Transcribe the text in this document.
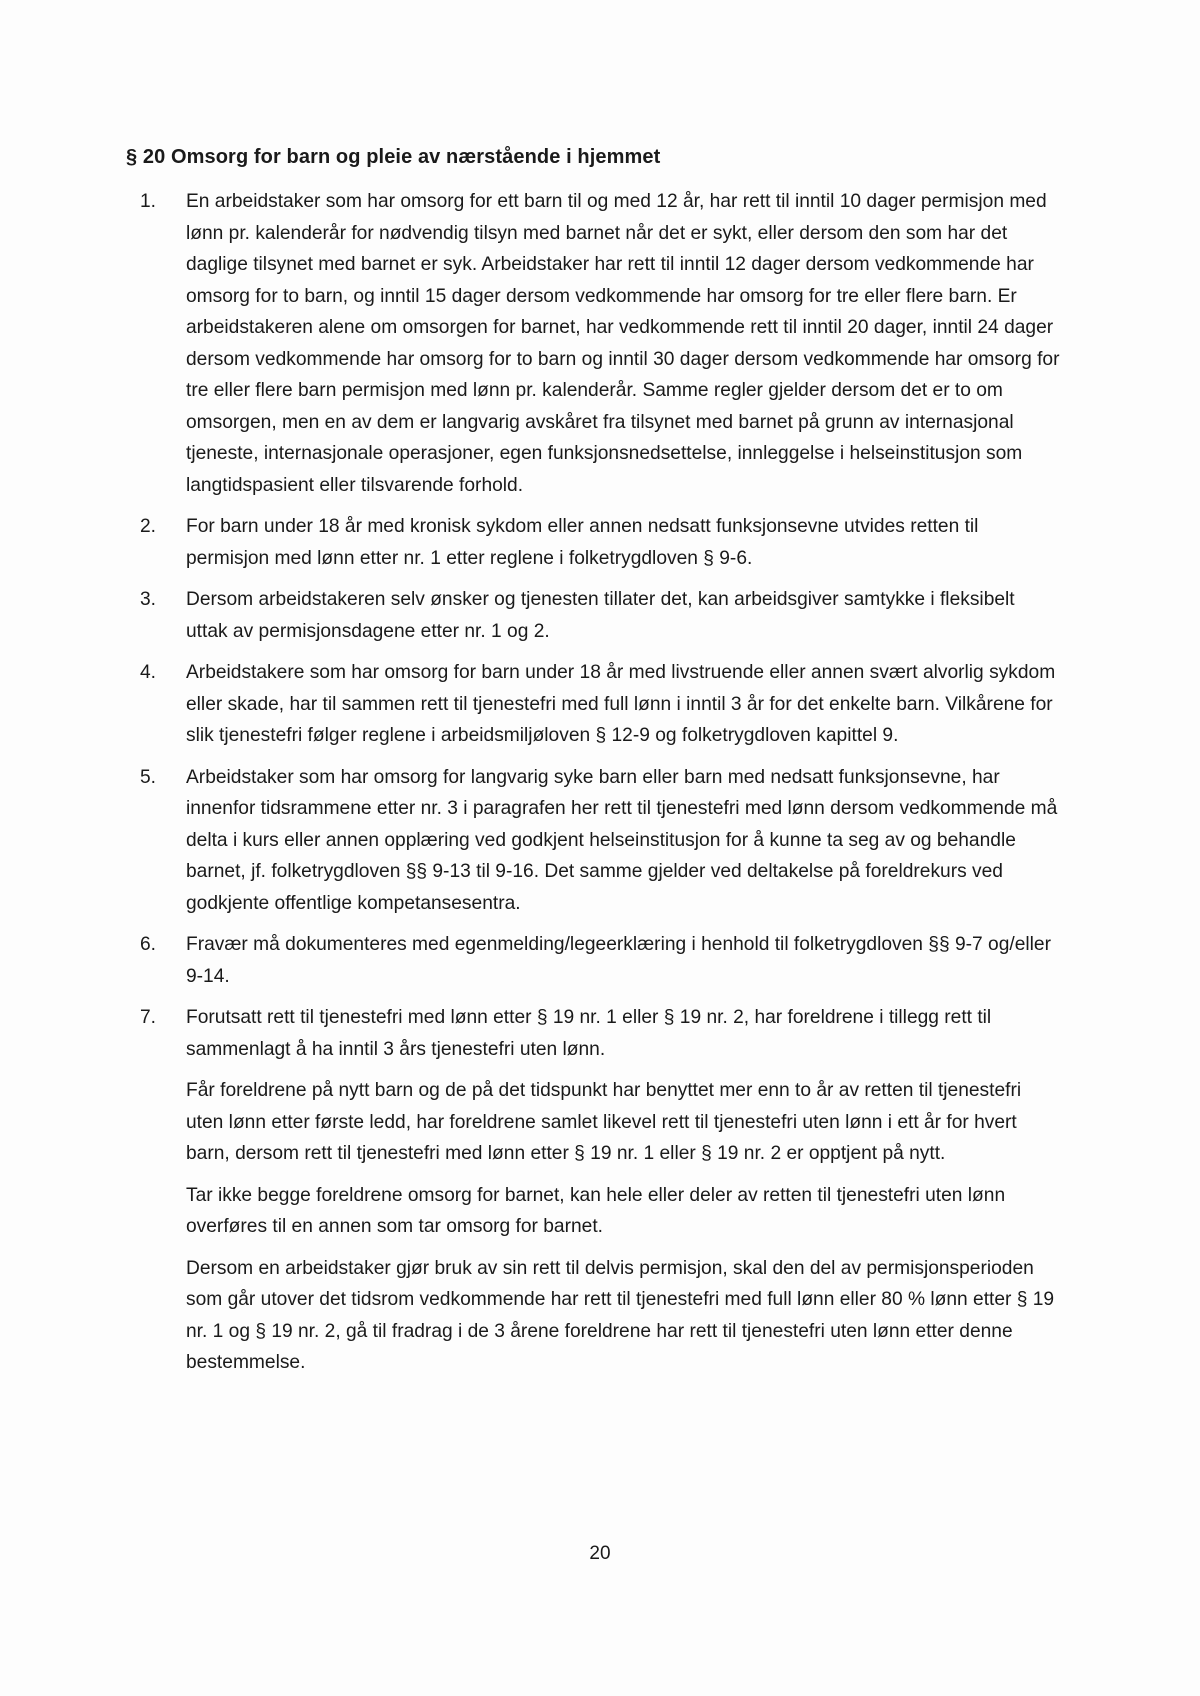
§ 20 Omsorg for barn og pleie av nærstående i hjemmet
1.	En arbeidstaker som har omsorg for ett barn til og med 12 år, har rett til inntil 10 dager permisjon med lønn pr. kalenderår for nødvendig tilsyn med barnet når det er sykt, eller dersom den som har det daglige tilsynet med barnet er syk. Arbeidstaker har rett til inntil 12 dager dersom vedkommende har omsorg for to barn, og inntil 15 dager dersom vedkommende har omsorg for tre eller flere barn. Er arbeidstakeren alene om omsorgen for barnet, har vedkommende rett til inntil 20 dager, inntil 24 dager dersom vedkommende har omsorg for to barn og inntil 30 dager dersom vedkommende har omsorg for tre eller flere barn permisjon med lønn pr. kalenderår. Samme regler gjelder dersom det er to om omsorgen, men en av dem er langvarig avskåret fra tilsynet med barnet på grunn av internasjonal tjeneste, internasjonale operasjoner, egen funksjonsnedsettelse, innleggelse i helseinstitusjon som langtidspasient eller tilsvarende forhold.
2.	For barn under 18 år med kronisk sykdom eller annen nedsatt funksjonsevne utvides retten til permisjon med lønn etter nr. 1 etter reglene i folketrygdloven § 9-6.
3.	Dersom arbeidstakeren selv ønsker og tjenesten tillater det, kan arbeidsgiver samtykke i fleksibelt uttak av permisjonsdagene etter nr. 1 og 2.
4.	Arbeidstakere som har omsorg for barn under 18 år med livstruende eller annen svært alvorlig sykdom eller skade, har til sammen rett til tjenestefri med full lønn i inntil 3 år for det enkelte barn. Vilkårene for slik tjenestefri følger reglene i arbeidsmiljøloven § 12-9 og folketrygdloven kapittel 9.
5.	Arbeidstaker som har omsorg for langvarig syke barn eller barn med nedsatt funksjonsevne, har innenfor tidsrammene etter nr. 3 i paragrafen her rett til tjenestefri med lønn dersom vedkommende må delta i kurs eller annen opplæring ved godkjent helseinstitusjon for å kunne ta seg av og behandle barnet, jf. folketrygdloven §§ 9-13 til 9-16. Det samme gjelder ved deltakelse på foreldrekurs ved godkjente offentlige kompetansesentra.
6.	Fravær må dokumenteres med egenmelding/legeerklæring i henhold til folketrygdloven §§ 9-7 og/eller 9-14.
7.	Forutsatt rett til tjenestefri med lønn etter § 19 nr. 1 eller § 19 nr. 2, har foreldrene i tillegg rett til sammenlagt å ha inntil 3 års tjenestefri uten lønn.
Får foreldrene på nytt barn og de på det tidspunkt har benyttet mer enn to år av retten til tjenestefri uten lønn etter første ledd, har foreldrene samlet likevel rett til tjenestefri uten lønn i ett år for hvert barn, dersom rett til tjenestefri med lønn etter § 19 nr. 1 eller § 19 nr. 2 er opptjent på nytt.
Tar ikke begge foreldrene omsorg for barnet, kan hele eller deler av retten til tjenestefri uten lønn overføres til en annen som tar omsorg for barnet.
Dersom en arbeidstaker gjør bruk av sin rett til delvis permisjon, skal den del av permisjonsperioden som går utover det tidsrom vedkommende har rett til tjenestefri med full lønn eller 80 % lønn etter § 19 nr. 1 og § 19 nr. 2, gå til fradrag i de 3 årene foreldrene har rett til tjenestefri uten lønn etter denne bestemmelse.
20
